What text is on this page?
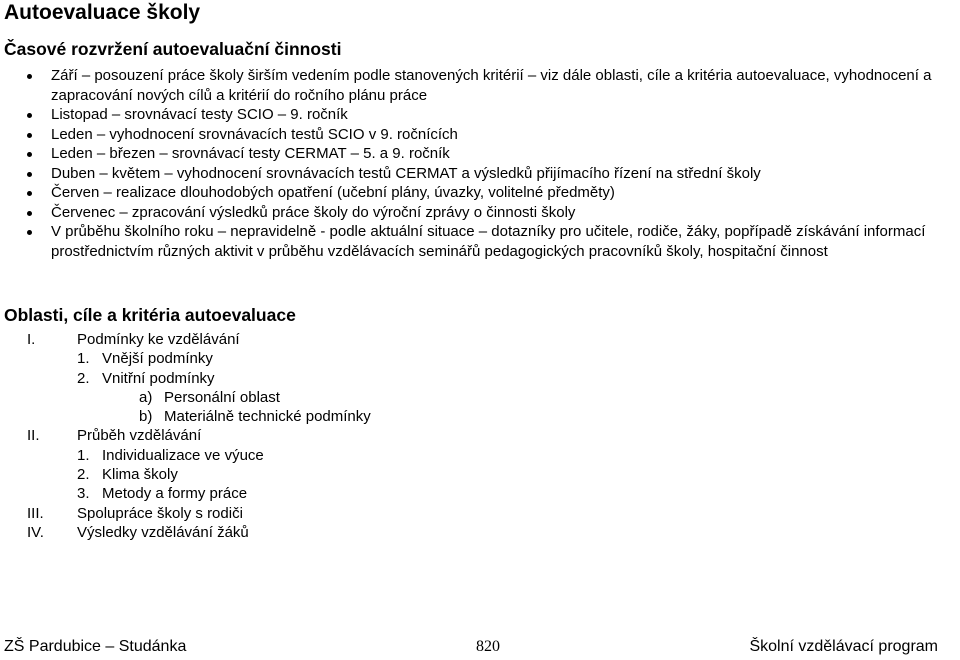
Autoevaluace školy
Časové rozvržení autoevaluační činnosti
Září – posouzení práce školy širším vedením podle stanovených kritérií – viz dále oblasti, cíle a kritéria autoevaluace, vyhodnocení a zapracování nových cílů a kritérií do ročního plánu práce
Listopad – srovnávací testy SCIO – 9. ročník
Leden – vyhodnocení srovnávacích testů SCIO v 9. ročnících
Leden – březen – srovnávací testy CERMAT – 5. a 9. ročník
Duben – květem – vyhodnocení srovnávacích testů CERMAT a výsledků přijímacího řízení na střední školy
Červen – realizace dlouhodobých opatření (učební plány, úvazky, volitelné předměty)
Červenec – zpracování výsledků práce školy do výroční zprávy o činnosti školy
V průběhu školního roku – nepravidelně - podle aktuální situace – dotazníky pro učitele, rodiče, žáky, popřípadě získávání informací prostřednictvím různých aktivit v průběhu vzdělávacích seminářů pedagogických pracovníků školy, hospitační činnost
Oblasti, cíle a kritéria autoevaluace
I.	Podmínky ke vzdělávání
1. Vnější podmínky
2. Vnitřní podmínky
a) Personální oblast
b) Materiálně technické podmínky
II. Průběh vzdělávání
1. Individualizace ve výuce
2. Klima školy
3. Metody a formy práce
III. Spolupráce školy s rodiči
IV. Výsledky vzdělávání žáků
ZŠ Pardubice – Studánka	820	Školní vzdělávací program
